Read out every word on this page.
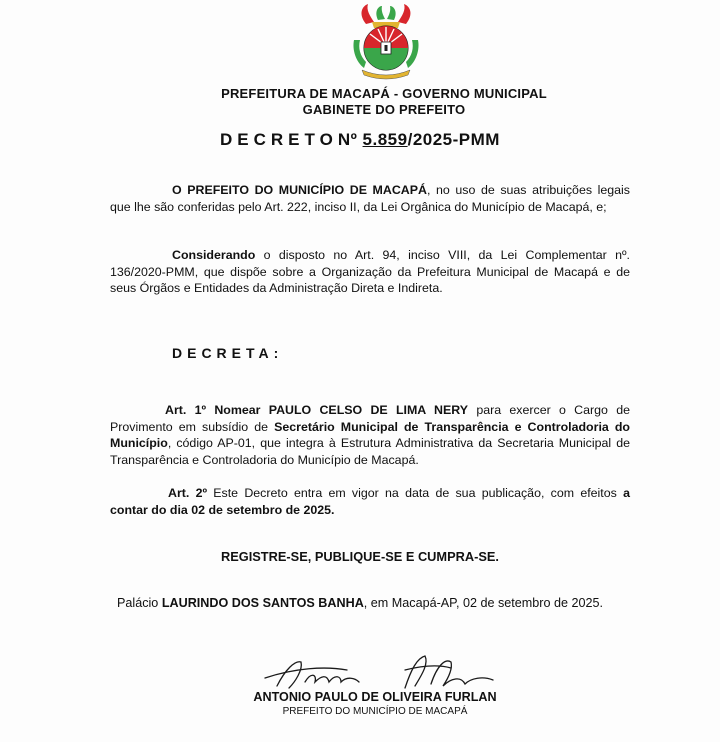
PREFEITURA DE MACAPÁ - GOVERNO MUNICIPAL
GABINETE DO PREFEITO
DECRETONº 5.859/2025-PMM
O PREFEITO DO MUNICÍPIO DE MACAPÁ, no uso de suas atribuições legais que lhe são conferidas pelo Art. 222, inciso II, da Lei Orgânica do Município de Macapá, e;
Considerando o disposto no Art. 94, inciso VIII, da Lei Complementar nº. 136/2020-PMM, que dispõe sobre a Organização da Prefeitura Municipal de Macapá e de seus Órgãos e Entidades da Administração Direta e Indireta.
DECRETA:
Art. 1º Nomear PAULO CELSO DE LIMA NERY para exercer o Cargo de Provimento em subsídio de Secretário Municipal de Transparência e Controladoria do Município, código AP-01, que integra à Estrutura Administrativa da Secretaria Municipal de Transparência e Controladoria do Município de Macapá.
Art. 2º Este Decreto entra em vigor na data de sua publicação, com efeitos a contar do dia 02 de setembro de 2025.
REGISTRE-SE, PUBLIQUE-SE E CUMPRA-SE.
Palácio LAURINDO DOS SANTOS BANHA, em Macapá-AP, 02 de setembro de 2025.
ANTONIO PAULO DE OLIVEIRA FURLAN
PREFEITO DO MUNICÍPIO DE MACAPÁ
